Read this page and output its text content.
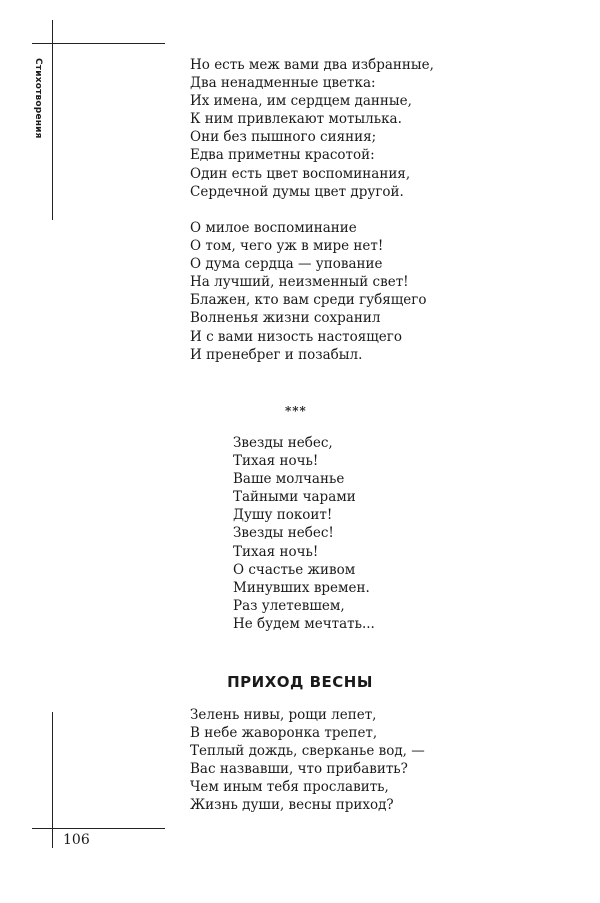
Стихотворения	Но есть меж вами два избранные,
Два ненадменные цветка:
Их имена, им сердцем данные,
К ним привлекают мотылька.
Они без пышного сияния;
Едва приметны красотой:
Один есть цвет воспоминания,
Сердечной думы цвет другой.
О милое воспоминание
О том, чего уж в мире нет!
О дума сердца — упование
На лучший, неизменный свет!
Блажен, кто вам среди губящего
Волненья жизни сохранил
И с вами низость настоящего
И пренебрег и позабыл.
***
Звезды небес,
Тихая ночь!
Ваше молчанье
Тайными чарами
Душу покоит!
Звезды небес!
Тихая ночь!
О счастье живом
Минувших времен.
Раз улетевшем,
Не будем мечтать...
ПРИХОД ВЕСНЫ
Зелень нивы, рощи лепет,
В небе жаворонка трепет,
Теплый дождь, сверканье вод, —
Вас назвавши, что прибавить?
Чем иным тебя прославить,
Жизнь души, весны приход?
106
